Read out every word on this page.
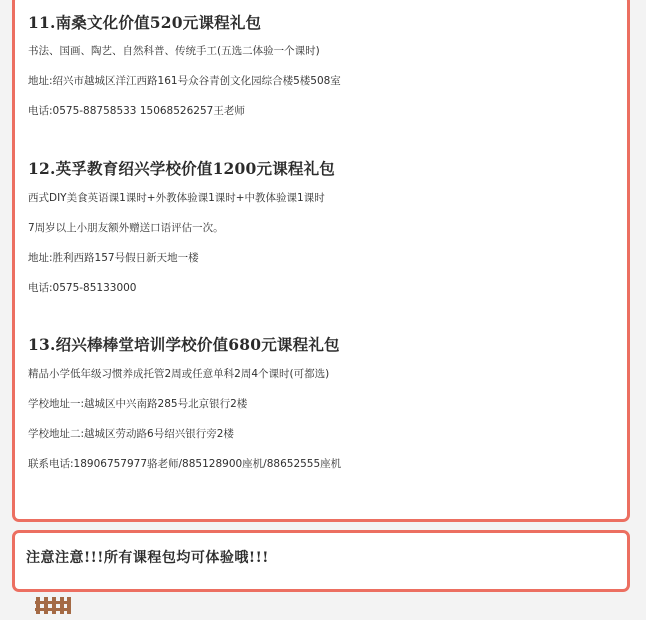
11.南桑文化价值520元课程礼包
书法、国画、陶艺、自然科普、传统手工(五选二体验一个课时)
地址:绍兴市越城区洋江西路161号众谷青创文化园综合楼5楼508室
电话:0575-88758533 15068526257王老师
12.英孚教育绍兴学校价值1200元课程礼包
西式DIY美食英语课1课时+外教体验课1课时+中教体验课1课时
7周岁以上小朋友额外赠送口语评估一次。
地址:胜利西路157号假日新天地一楼
电话:0575-85133000
13.绍兴棒棒堂培训学校价值680元课程礼包
精品小学低年级习惯养成托管2周或任意单科2周4个课时(可都选)
学校地址一:越城区中兴南路285号北京银行2楼
学校地址二:越城区劳动路6号绍兴银行旁2楼
联系电话:18906757977骆老师/885128900座机/88652555座机
注意注意!!!所有课程包均可体验哦!!!
